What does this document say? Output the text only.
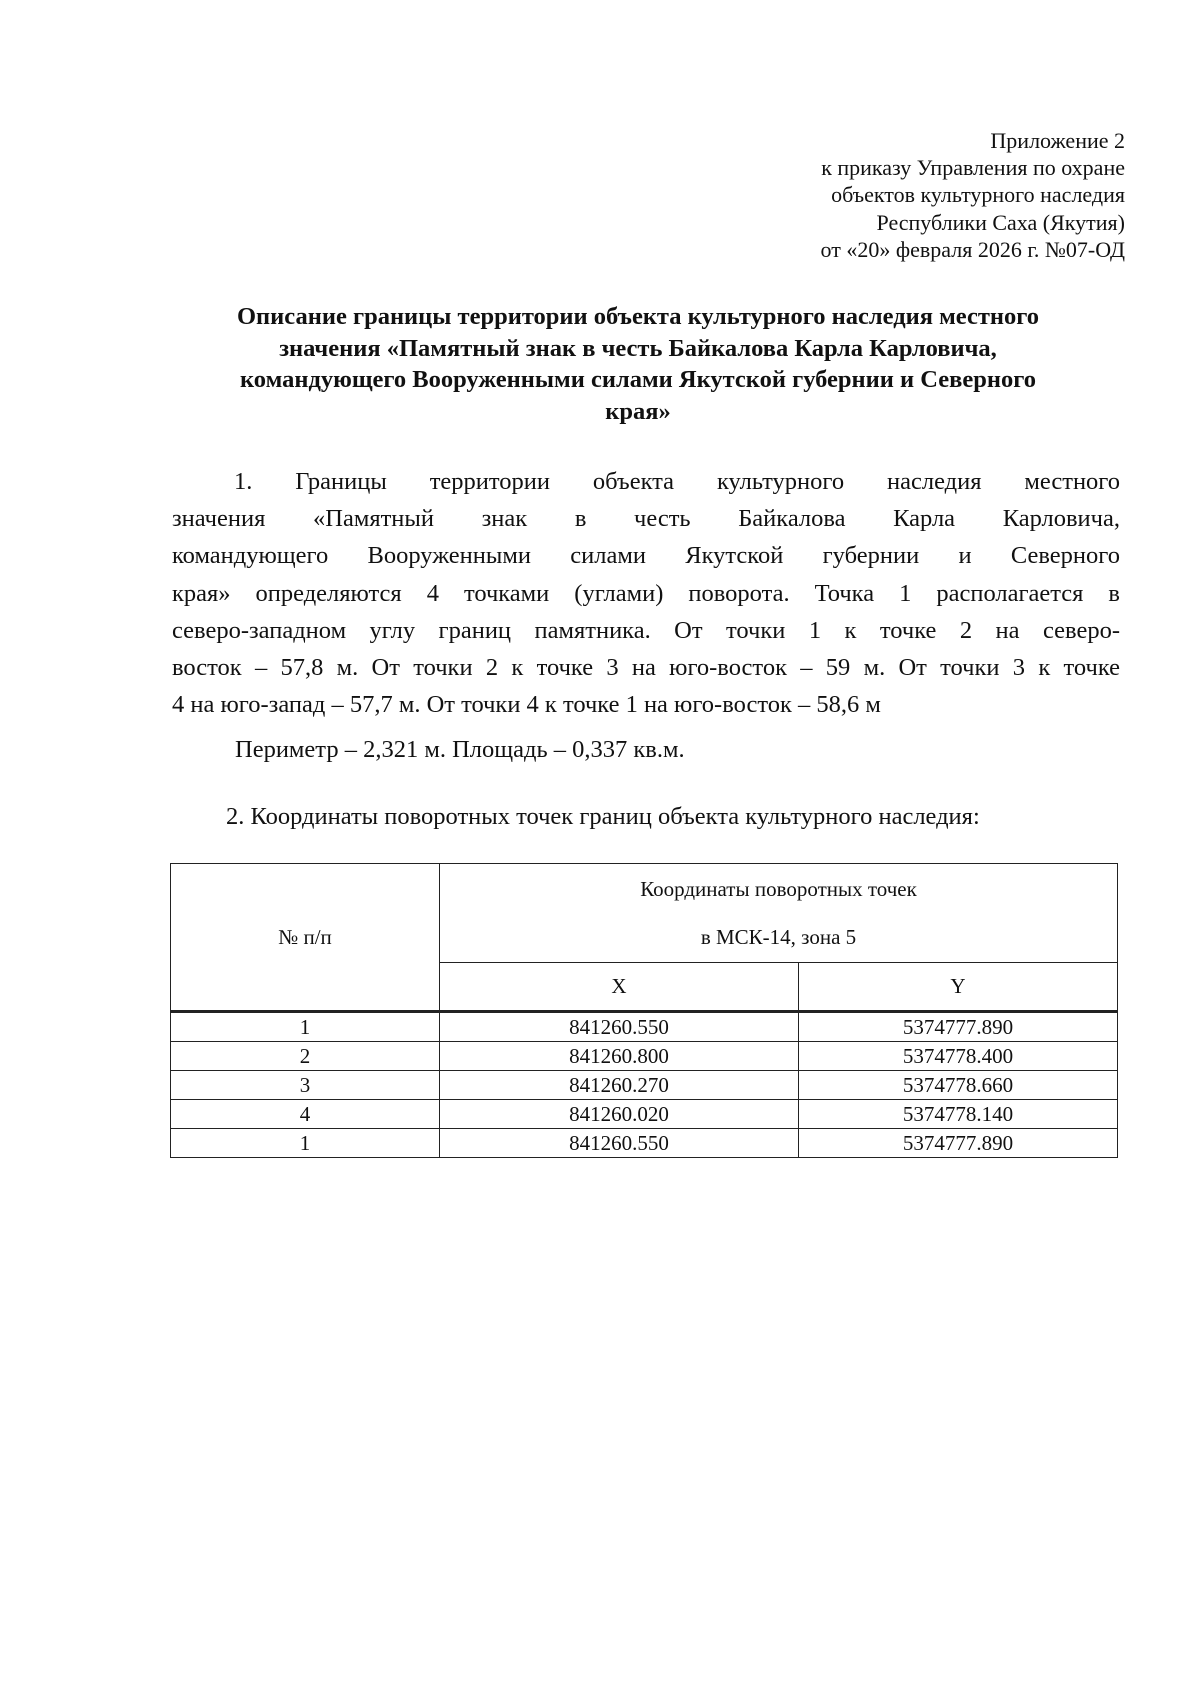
Приложение 2
к приказу Управления по охране
объектов культурного наследия
Республики Саха (Якутия)
от «20» февраля 2026 г. №07-ОД
Описание границы территории объекта культурного наследия местного
значения «Памятный знак в честь Байкалова Карла Карловича,
командующего Вооруженными силами Якутской губернии и Северного
края»
1. Границы территории объекта культурного наследия местного
значения «Памятный знак в честь Байкалова Карла Карловича,
командующего Вооруженными силами Якутской губернии и Северного
края» определяются 4 точками (углами) поворота. Точка 1 располагается в
северо-западном углу границ памятника. От точки 1 к точке 2 на северо-
восток – 57,8 м. От точки 2 к точке 3 на юго-восток – 59 м. От точки 3 к точке
4 на юго-запад – 57,7 м. От точки 4 к точке 1 на юго-восток – 58,6 м
Периметр – 2,321 м. Площадь – 0,337 кв.м.
2. Координаты поворотных точек границ объекта культурного наследия:
№ п/п	Координаты поворотных точек
в МСК-14, зона 5	

	X	Y
1	841260.550	5374777.890
2	841260.800	5374778.400
3	841260.270	5374778.660
4	841260.020	5374778.140
1	841260.550	5374777.890
